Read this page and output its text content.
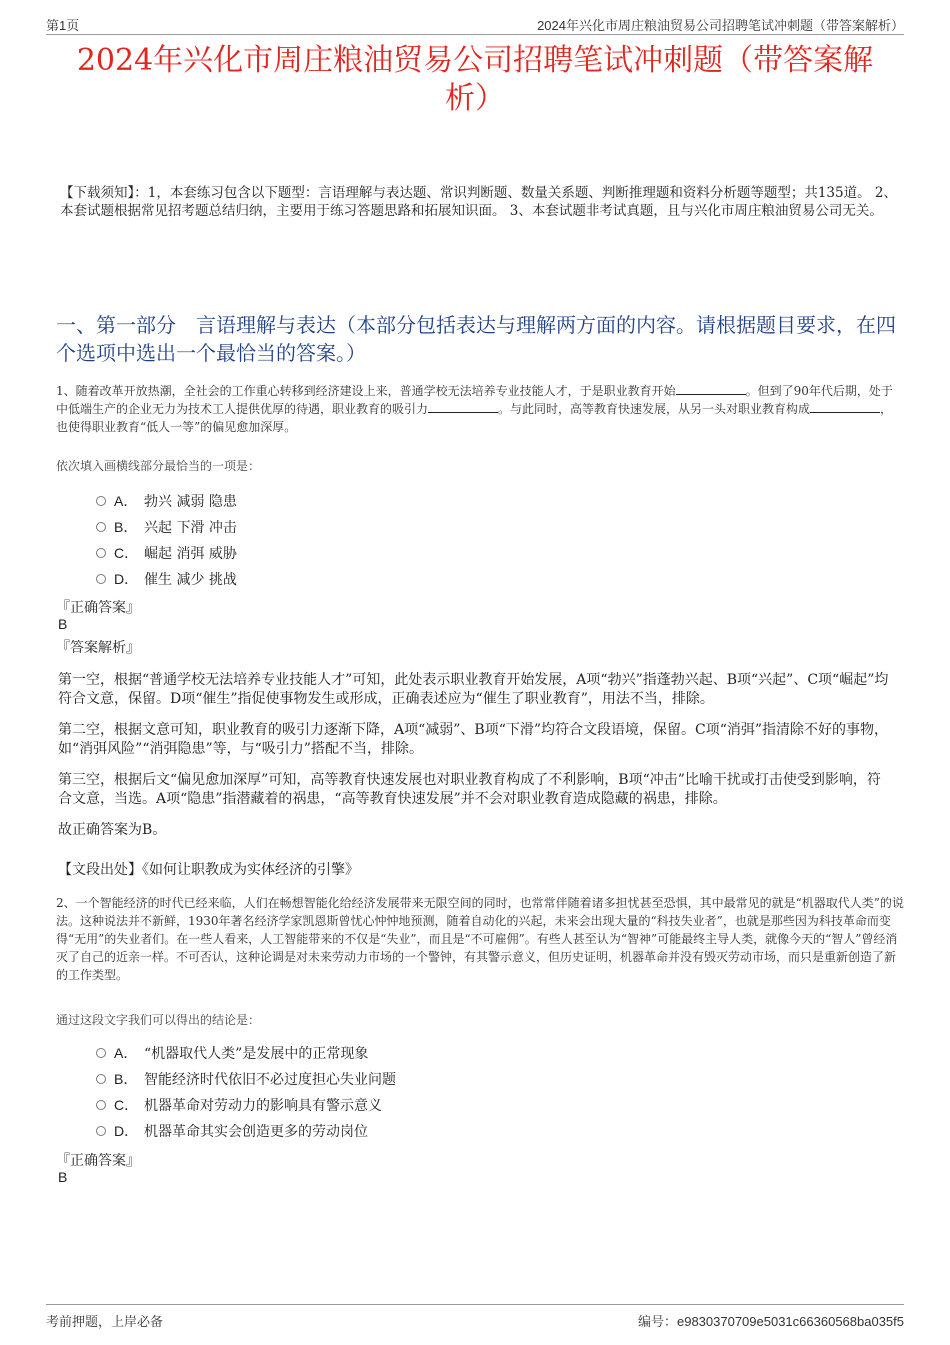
第1页	2024年兴化市周庄粮油贸易公司招聘笔试冲刺题（带答案解析）
2024年兴化市周庄粮油贸易公司招聘笔试冲刺题（带答案解析）
【下载须知】：1，本套练习包含以下题型：言语理解与表达题、常识判断题、数量关系题、判断推理题和资料分析题等题型；共135道。 2、本套试题根据常见招考题总结归纳，主要用于练习答题思路和拓展知识面。 3、本套试题非考试真题，且与兴化市周庄粮油贸易公司无关。
一、第一部分　言语理解与表达（本部分包括表达与理解两方面的内容。请根据题目要求，在四个选项中选出一个最恰当的答案。）
1、随着改革开放热潮，全社会的工作重心转移到经济建设上来，普通学校无法培养专业技能人才，于是职业教育开始	。但到了90年代后期，处于中低端生产的企业无力为技术工人提供优厚的待遇，职业教育的吸引力	。与此同时，高等教育快速发展，从另一头对职业教育构成	，也使得职业教育“低人一等”的偏见愈加深厚。
依次填入画横线部分最恰当的一项是：
A． 勃兴 减弱 隐患
B． 兴起 下滑 冲击
C． 崛起 消弭 威胁
D． 催生 减少 挑战
『正确答案』
B
『答案解析』

第一空，根据“普通学校无法培养专业技能人才”可知，此处表示职业教育开始发展，A项“勃兴”指蓬勃兴起、B项“兴起”、C项“崛起”均符合文意，保留。D项“催生”指促使事物发生或形成，正确表述应为“催生了职业教育”，用法不当，排除。

第二空，根据文意可知，职业教育的吸引力逐渐下降，A项“减弱”、B项“下滑”均符合文段语境，保留。C项“消弭”指清除不好的事物，如“消弭风险”“消弭隐患”等，与“吸引力”搭配不当，排除。

第三空，根据后文“偏见愈加深厚”可知，高等教育快速发展也对职业教育构成了不利影响，B项“冲击”比喻干扰或打击使受到影响，符合文意，当选。A项“隐患”指潜藏着的祸患，“高等教育快速发展”并不会对职业教育造成隐藏的祸患，排除。

故正确答案为B。

【文段出处】《如何让职教成为实体经济的引擎》
2、一个智能经济的时代已经来临，人们在畅想智能化给经济发展带来无限空间的同时，也常常伴随着诸多担忧甚至恐惧，其中最常见的就是“机器取代人类”的说法。这种说法并不新鲜，1930年著名经济学家凯恩斯曾忧心忡忡地预测，随着自动化的兴起，未来会出现大量的“科技失业者”，也就是那些因为科技革命而变得“无用”的失业者们。在一些人看来，人工智能带来的不仅是“失业”，而且是“不可雇佣”。有些人甚至认为“智神”可能最终主导人类，就像今天的“智人”曾经消灭了自己的近亲一样。不可否认，这种论调是对未来劳动力市场的一个警钟，有其警示意义，但历史证明，机器革命并没有毁灭劳动市场，而只是重新创造了新的工作类型。
通过这段文字我们可以得出的结论是：
A． “机器取代人类”是发展中的正常现象
B． 智能经济时代依旧不必过度担心失业问题
C． 机器革命对劳动力的影响具有警示意义
D． 机器革命其实会创造更多的劳动岗位
『正确答案』
B
考前押题，上岸必备	编号：e9830370709e5031c66360568ba035f5
